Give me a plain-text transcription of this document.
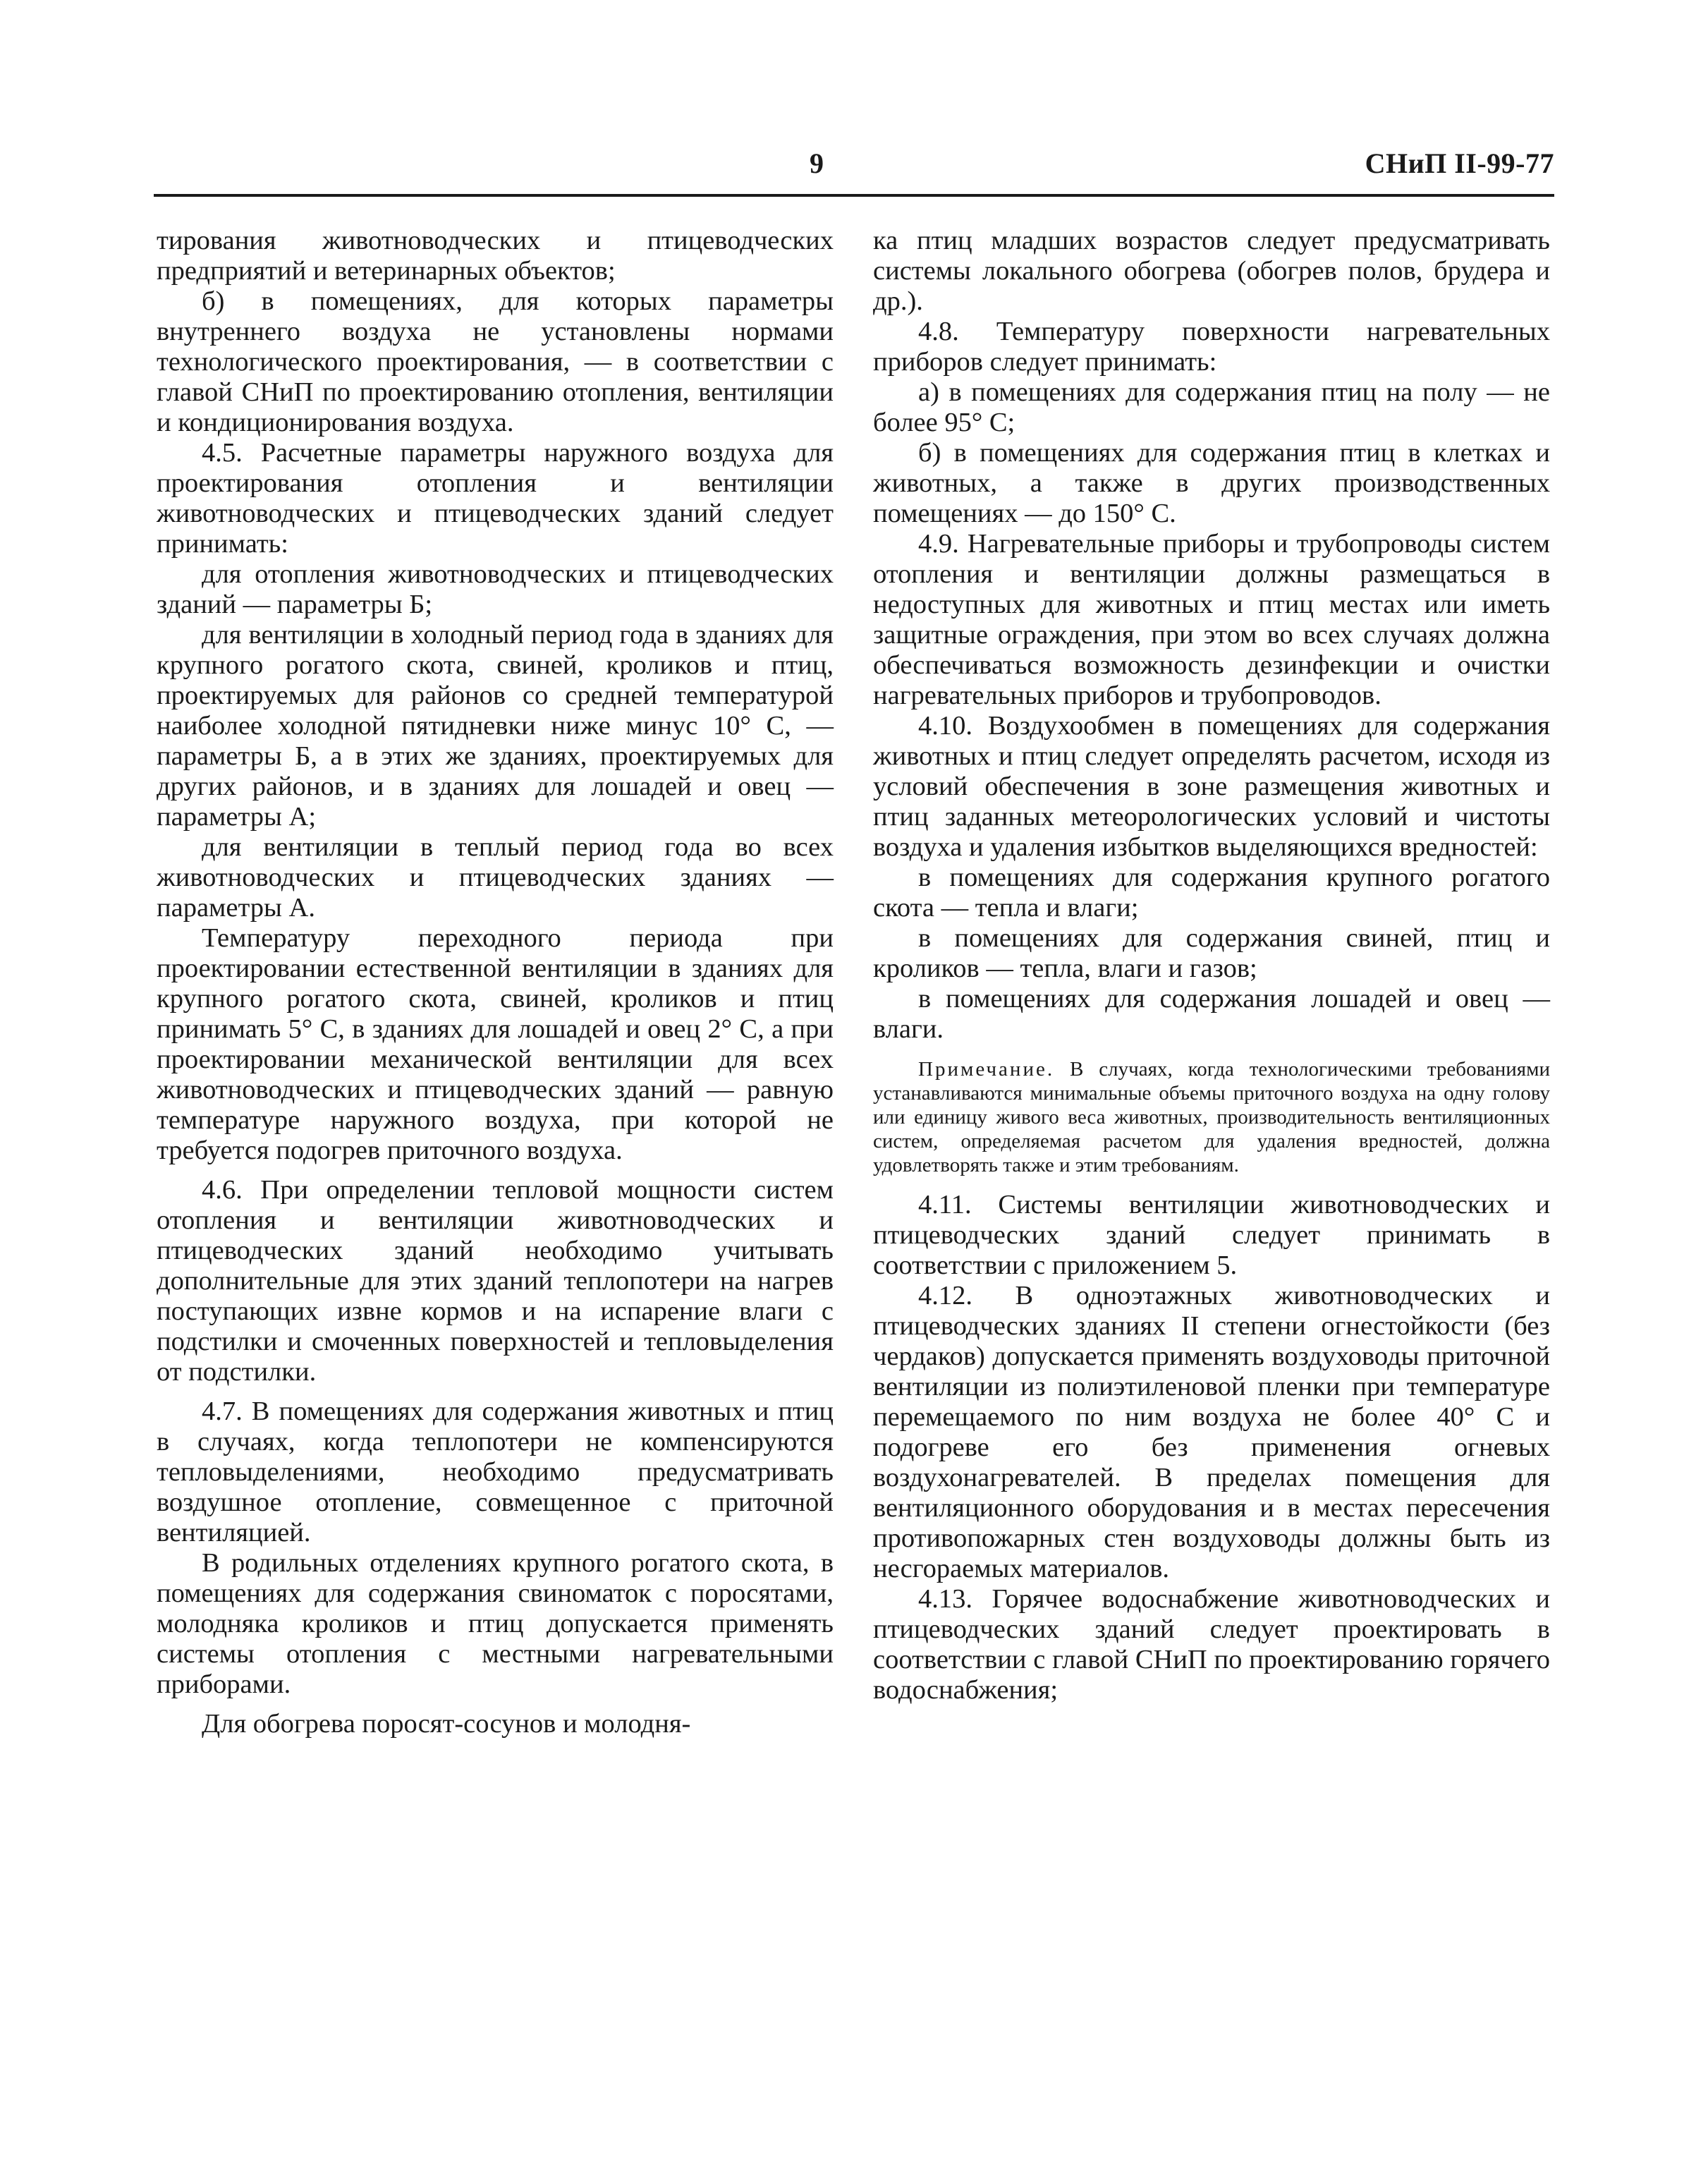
9	СНиП II-99-77

тирования животноводческих и птицеводческих предприятий и ветеринарных объектов;

б) в помещениях, для которых параметры внутреннего воздуха не установлены нормами технологического проектирования, — в соответствии с главой СНиП по проектированию отопления, вентиляции и кондиционирования воздуха.

4.5. Расчетные параметры наружного воздуха для проектирования отопления и вентиляции животноводческих и птицеводческих зданий следует принимать:

для отопления животноводческих и птицеводческих зданий — параметры Б;

для вентиляции в холодный период года в зданиях для крупного рогатого скота, свиней, кроликов и птиц, проектируемых для районов со средней температурой наиболее холодной пятидневки ниже минус 10° С, — параметры Б, а в этих же зданиях, проектируемых для других районов, и в зданиях для лошадей и овец — параметры А;

для вентиляции в теплый период года во всех животноводческих и птицеводческих зданиях — параметры А.

Температуру переходного периода при проектировании естественной вентиляции в зданиях для крупного рогатого скота, свиней, кроликов и птиц принимать 5° С, в зданиях для лошадей и овец 2° С, а при проектировании механической вентиляции для всех животноводческих и птицеводческих зданий — равную температуре наружного воздуха, при которой не требуется подогрев приточного воздуха.

4.6. При определении тепловой мощности систем отопления и вентиляции животноводческих и птицеводческих зданий необходимо учитывать дополнительные для этих зданий теплопотери на нагрев поступающих извне кормов и на испарение влаги с подстилки и смоченных поверхностей и тепловыделения от подстилки.

4.7. В помещениях для содержания животных и птиц в случаях, когда теплопотери не компенсируются тепловыделениями, необходимо предусматривать воздушное отопление, совмещенное с приточной вентиляцией.

В родильных отделениях крупного рогатого скота, в помещениях для содержания свиноматок с поросятами, молодняка кроликов и птиц допускается применять системы отопления с местными нагревательными приборами.

Для обогрева поросят-сосунов и молодня-

ка птиц младших возрастов следует предусматривать системы локального обогрева (обогрев полов, брудера и др.).

4.8. Температуру поверхности нагревательных приборов следует принимать:

а) в помещениях для содержания птиц на полу — не более 95° С;

б) в помещениях для содержания птиц в клетках и животных, а также в других производственных помещениях — до 150° С.

4.9. Нагревательные приборы и трубопроводы систем отопления и вентиляции должны размещаться в недоступных для животных и птиц местах или иметь защитные ограждения, при этом во всех случаях должна обеспечиваться возможность дезинфекции и очистки нагревательных приборов и трубопроводов.

4.10. Воздухообмен в помещениях для содержания животных и птиц следует определять расчетом, исходя из условий обеспечения в зоне размещения животных и птиц заданных метеорологических условий и чистоты воздуха и удаления избытков выделяющихся вредностей:

в помещениях для содержания крупного рогатого скота — тепла и влаги;

в помещениях для содержания свиней, птиц и кроликов — тепла, влаги и газов;

в помещениях для содержания лошадей и овец — влаги.

Примечание. В случаях, когда технологическими требованиями устанавливаются минимальные объемы приточного воздуха на одну голову или единицу живого веса животных, производительность вентиляционных систем, определяемая расчетом для удаления вредностей, должна удовлетворять также и этим требованиям.

4.11. Системы вентиляции животноводческих и птицеводческих зданий следует принимать в соответствии с приложением 5.

4.12. В одноэтажных животноводческих и птицеводческих зданиях II степени огнестойкости (без чердаков) допускается применять воздуховоды приточной вентиляции из полиэтиленовой пленки при температуре перемещаемого по ним воздуха не более 40° С и подогреве его без применения огневых воздухонагревателей. В пределах помещения для вентиляционного оборудования и в местах пересечения противопожарных стен воздуховоды должны быть из несгораемых материалов.

4.13. Горячее водоснабжение животноводческих и птицеводческих зданий следует проектировать в соответствии с главой СНиП по проектированию горячего водоснабжения;
